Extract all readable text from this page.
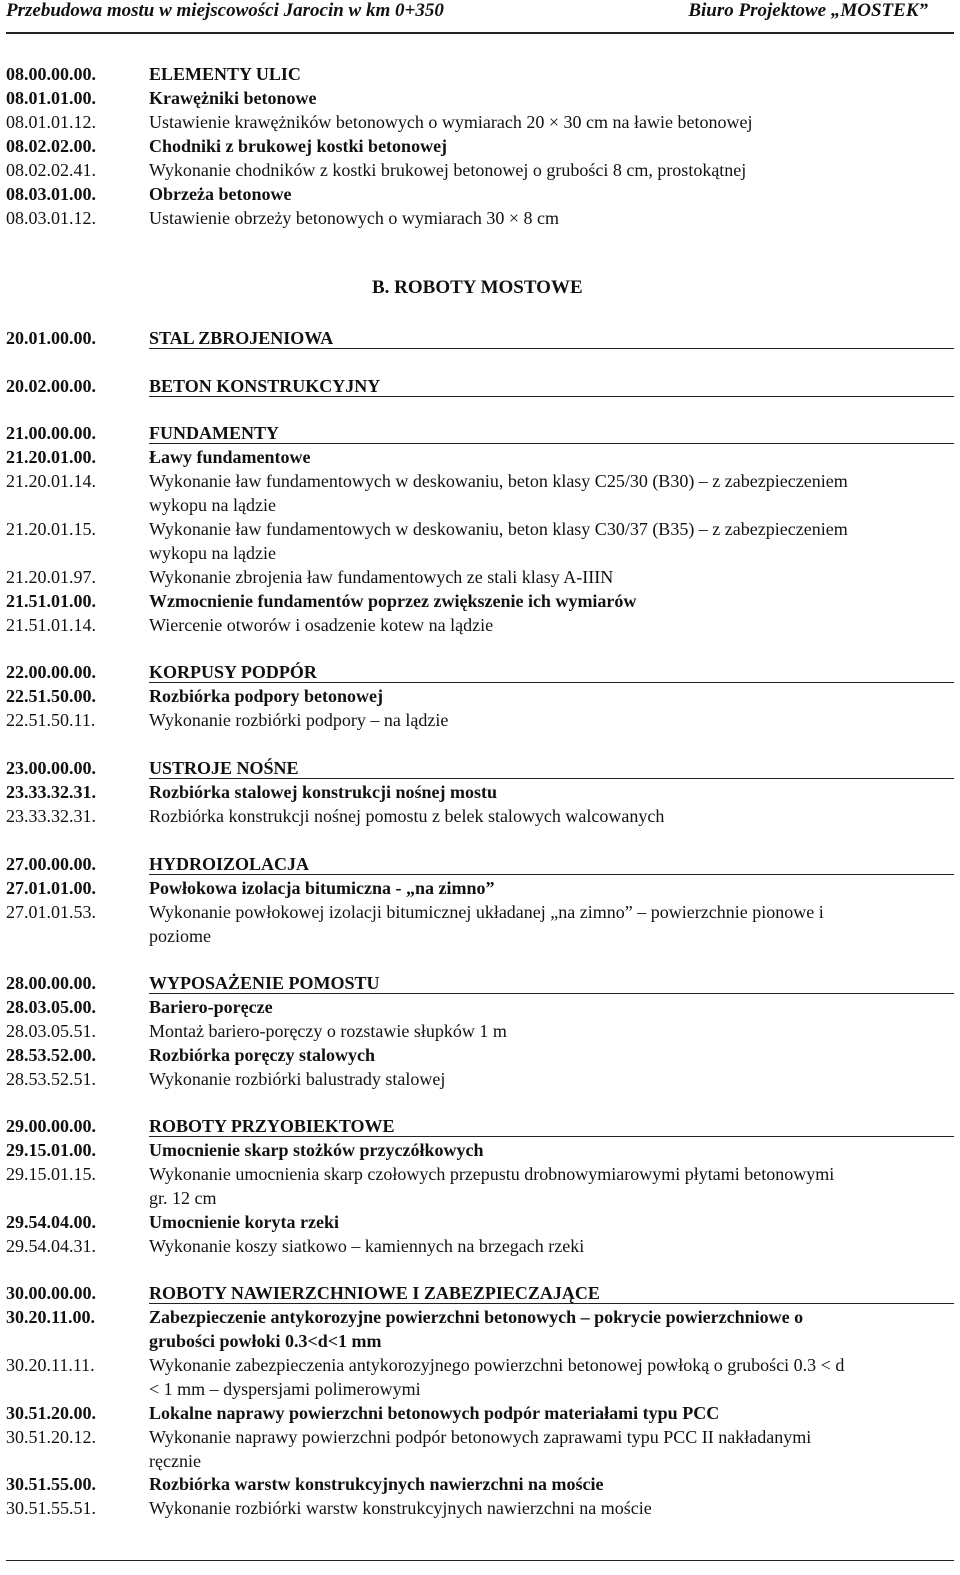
Przebudowa mostu w miejscowości Jarocin w km 0+350	Biuro Projektowe „MOSTEK”
B. ROBOTY MOSTOWE
08.00.00.00.	ELEMENTY ULIC
08.01.01.00.	Krawężniki betonowe
08.01.01.12.	Ustawienie krawężników betonowych o wymiarach 20 × 30 cm na ławie betonowej
08.02.02.00.	Chodniki z brukowej kostki betonowej
08.02.02.41.	Wykonanie chodników z kostki brukowej betonowej o grubości 8 cm, prostokątnej
08.03.01.00.	Obrzeża betonowe
08.03.01.12.	Ustawienie obrzeży betonowych o wymiarach 30 × 8 cm
20.01.00.00.	STAL ZBROJENIOWA
20.02.00.00.	BETON KONSTRUKCYJNY
21.00.00.00.	FUNDAMENTY
21.20.01.00.	Ławy fundamentowe
21.20.01.14.	Wykonanie ław fundamentowych w deskowaniu, beton klasy C25/30 (B30) – z zabezpieczeniem wykopu na lądzie
21.20.01.15.	Wykonanie ław fundamentowych w deskowaniu, beton klasy C30/37 (B35) – z zabezpieczeniem wykopu na lądzie
21.20.01.97.	Wykonanie zbrojenia ław fundamentowych ze stali klasy A-IIIN
21.51.01.00.	Wzmocnienie fundamentów poprzez zwiększenie ich wymiarów
21.51.01.14.	Wiercenie otworów i osadzenie kotew na lądzie
22.00.00.00.	KORPUSY PODPÓR
22.51.50.00.	Rozbiórka podpory betonowej
22.51.50.11.	Wykonanie rozbiórki podpory – na lądzie
23.00.00.00.	USTROJE NOŚNE
23.33.32.31.	Rozbiórka stalowej konstrukcji nośnej mostu
23.33.32.31.	Rozbiórka konstrukcji nośnej pomostu z belek stalowych walcowanych
27.00.00.00.	HYDROIZOLACJA
27.01.01.00.	Powłokowa izolacja bitumiczna - „na zimno”
27.01.01.53.	Wykonanie powłokowej izolacji bitumicznej układanej „na zimno” – powierzchnie pionowe i poziome
28.00.00.00.	WYPOSAŻENIE POMOSTU
28.03.05.00.	Bariero-poręcze
28.03.05.51.	Montaż bariero-poręczy o rozstawie słupków 1 m
28.53.52.00.	Rozbiórka poręczy stalowych
28.53.52.51.	Wykonanie rozbiórki balustrady stalowej
29.00.00.00.	ROBOTY PRZYOBIEKTOWE
29.15.01.00.	Umocnienie skarp stożków przyczółkowych
29.15.01.15.	Wykonanie umocnienia skarp czołowych przepustu drobnowymiarowymi płytami betonowymi gr. 12 cm
29.54.04.00.	Umocnienie koryta rzeki
29.54.04.31.	Wykonanie koszy siatkowo – kamiennych na brzegach rzeki
30.00.00.00.	ROBOTY NAWIERZCHNIOWE I ZABEZPIECZAJĄCE
30.20.11.00.	Zabezpieczenie antykorozyjne powierzchni betonowych – pokrycie powierzchniowe o grubości powłoki 0.3<d<1 mm
30.20.11.11.	Wykonanie zabezpieczenia antykorozyjnego powierzchni betonowej powłoką o grubości 0.3 < d < 1 mm – dyspersjami polimerowymi
30.51.20.00.	Lokalne naprawy powierzchni betonowych podpór materiałami typu PCC
30.51.20.12.	Wykonanie naprawy powierzchni podpór betonowych zaprawami typu PCC II nakładanymi ręcznie
30.51.55.00.	Rozbiórka warstw konstrukcyjnych nawierzchni na moście
30.51.55.51.	Wykonanie rozbiórki warstw konstrukcyjnych nawierzchni na moście
